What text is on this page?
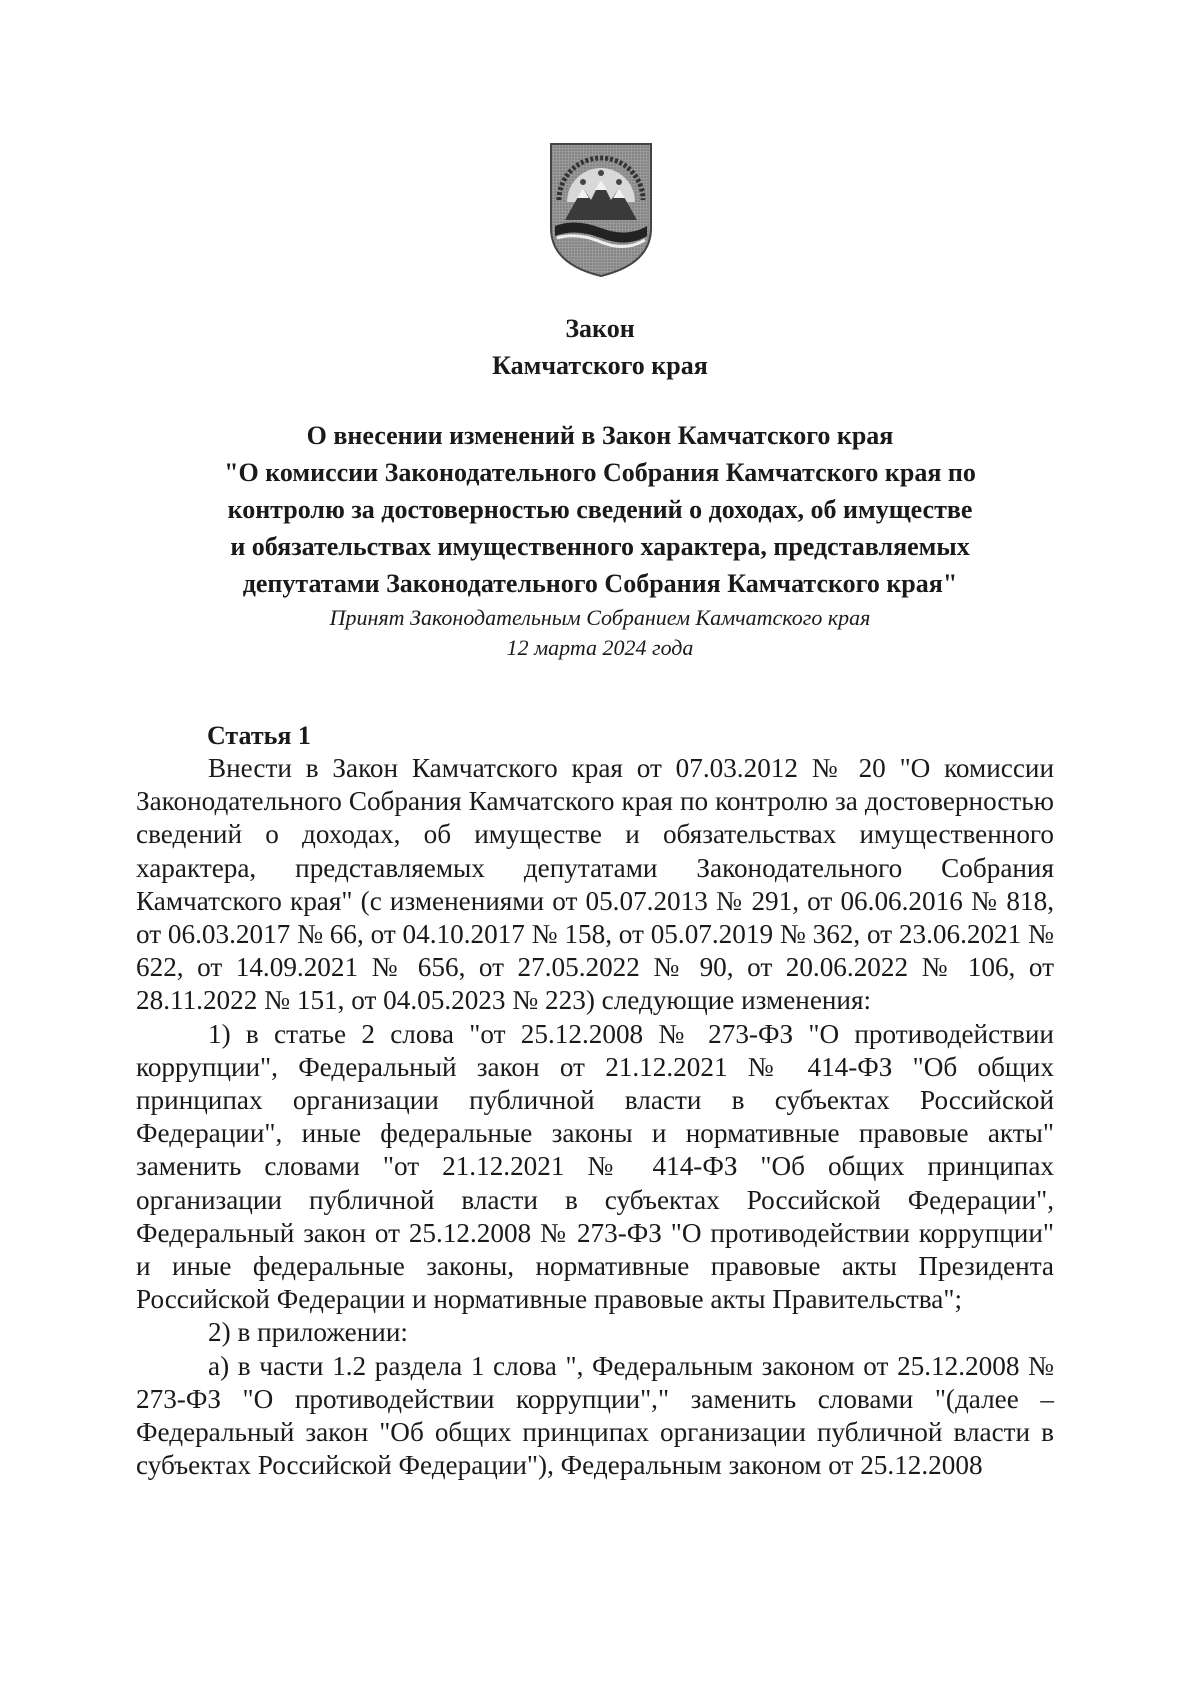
Закон
Камчатского края
О внесении изменений в Закон Камчатского края
"О комиссии Законодательного Собрания Камчатского края по
контролю за достоверностью сведений о доходах, об имуществе
и обязательствах имущественного характера, представляемых
депутатами Законодательного Собрания Камчатского края"

Принят Законодательным Собранием Камчатского края
12 марта 2024 года

Статья 1

Внести в Закон Камчатского края от 07.03.2012 № 20 "О комиссии Законодательного Собрания Камчатского края по контролю за достоверностью сведений о доходах, об имуществе и обязательствах имущественного характера, представляемых депутатами Законодательного Собрания Камчатского края" (с изменениями от 05.07.2013 № 291, от 06.06.2016 № 818, от 06.03.2017 № 66, от 04.10.2017 № 158, от 05.07.2019 № 362, от 23.06.2021 № 622, от 14.09.2021 № 656, от 27.05.2022 № 90, от 20.06.2022 № 106, от 28.11.2022 № 151, от 04.05.2023 № 223) следующие изменения:

1) в статье 2 слова "от 25.12.2008 № 273-ФЗ "О противодействии коррупции", Федеральный закон от 21.12.2021 № 414-ФЗ "Об общих принципах организации публичной власти в субъектах Российской Федерации", иные федеральные законы и нормативные правовые акты" заменить словами "от 21.12.2021 № 414-ФЗ "Об общих принципах организации публичной власти в субъектах Российской Федерации", Федеральный закон от 25.12.2008 № 273-ФЗ "О противодействии коррупции" и иные федеральные законы, нормативные правовые акты Президента Российской Федерации и нормативные правовые акты Правительства";

2) в приложении:

а) в части 1.2 раздела 1 слова ", Федеральным законом от 25.12.2008 № 273-ФЗ "О противодействии коррупции"," заменить словами "(далее – Федеральный закон "Об общих принципах организации публичной власти в субъектах Российской Федерации"), Федеральным законом от 25.12.2008
